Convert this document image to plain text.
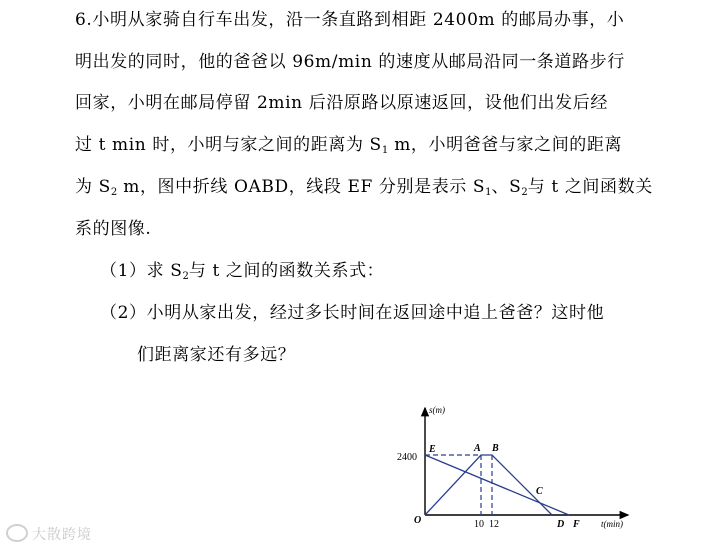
6.小明从家骑自行车出发，沿一条直路到相距 2400m 的邮局办事，小
明出发的同时，他的爸爸以 96m/min 的速度从邮局沿同一条道路步行
回家，小明在邮局停留 2min 后沿原路以原速返回，设他们出发后经
过 t min 时，小明与家之间的距离为 $S_1$ m，小明爸爸与家之间的距离
为 $S_2$ m，图中折线 OABD，线段 EF 分别是表示 $S_1$、$S_2$与 t 之间函数关
系的图像.
（1）求 $S_2$与 t 之间的函数关系式：
（2）小明从家出发，经过多长时间在返回途中追上爸爸？这时他
们距离家还有多远？
s(m)
t(min)
2400
10 12
O
E	A B
C
D F
大散跨境
